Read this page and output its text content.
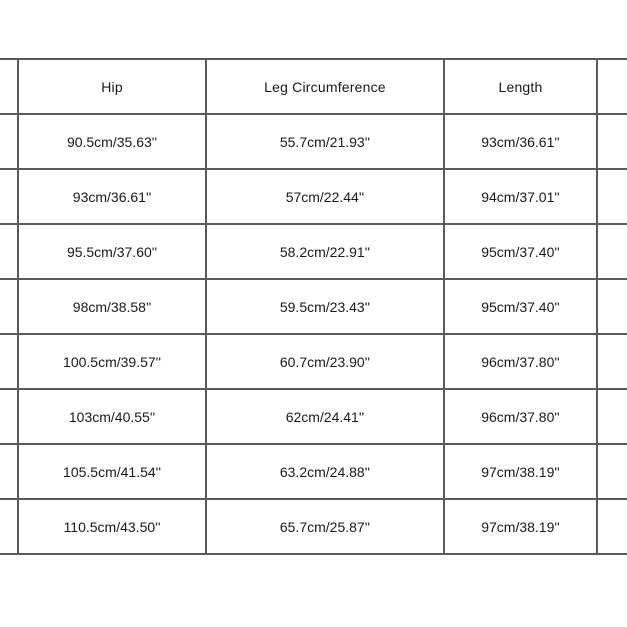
	Hip	Leg Circumference	Length	
	90.5cm/35.63''	55.7cm/21.93''	93cm/36.61''	
	93cm/36.61''	57cm/22.44''	94cm/37.01''	
	95.5cm/37.60''	58.2cm/22.91''	95cm/37.40''	
	98cm/38.58''	59.5cm/23.43''	95cm/37.40''	
	100.5cm/39.57''	60.7cm/23.90''	96cm/37.80''	
	103cm/40.55''	62cm/24.41''	96cm/37.80''	
	105.5cm/41.54''	63.2cm/24.88''	97cm/38.19''	
	110.5cm/43.50''	65.7cm/25.87''	97cm/38.19''	
